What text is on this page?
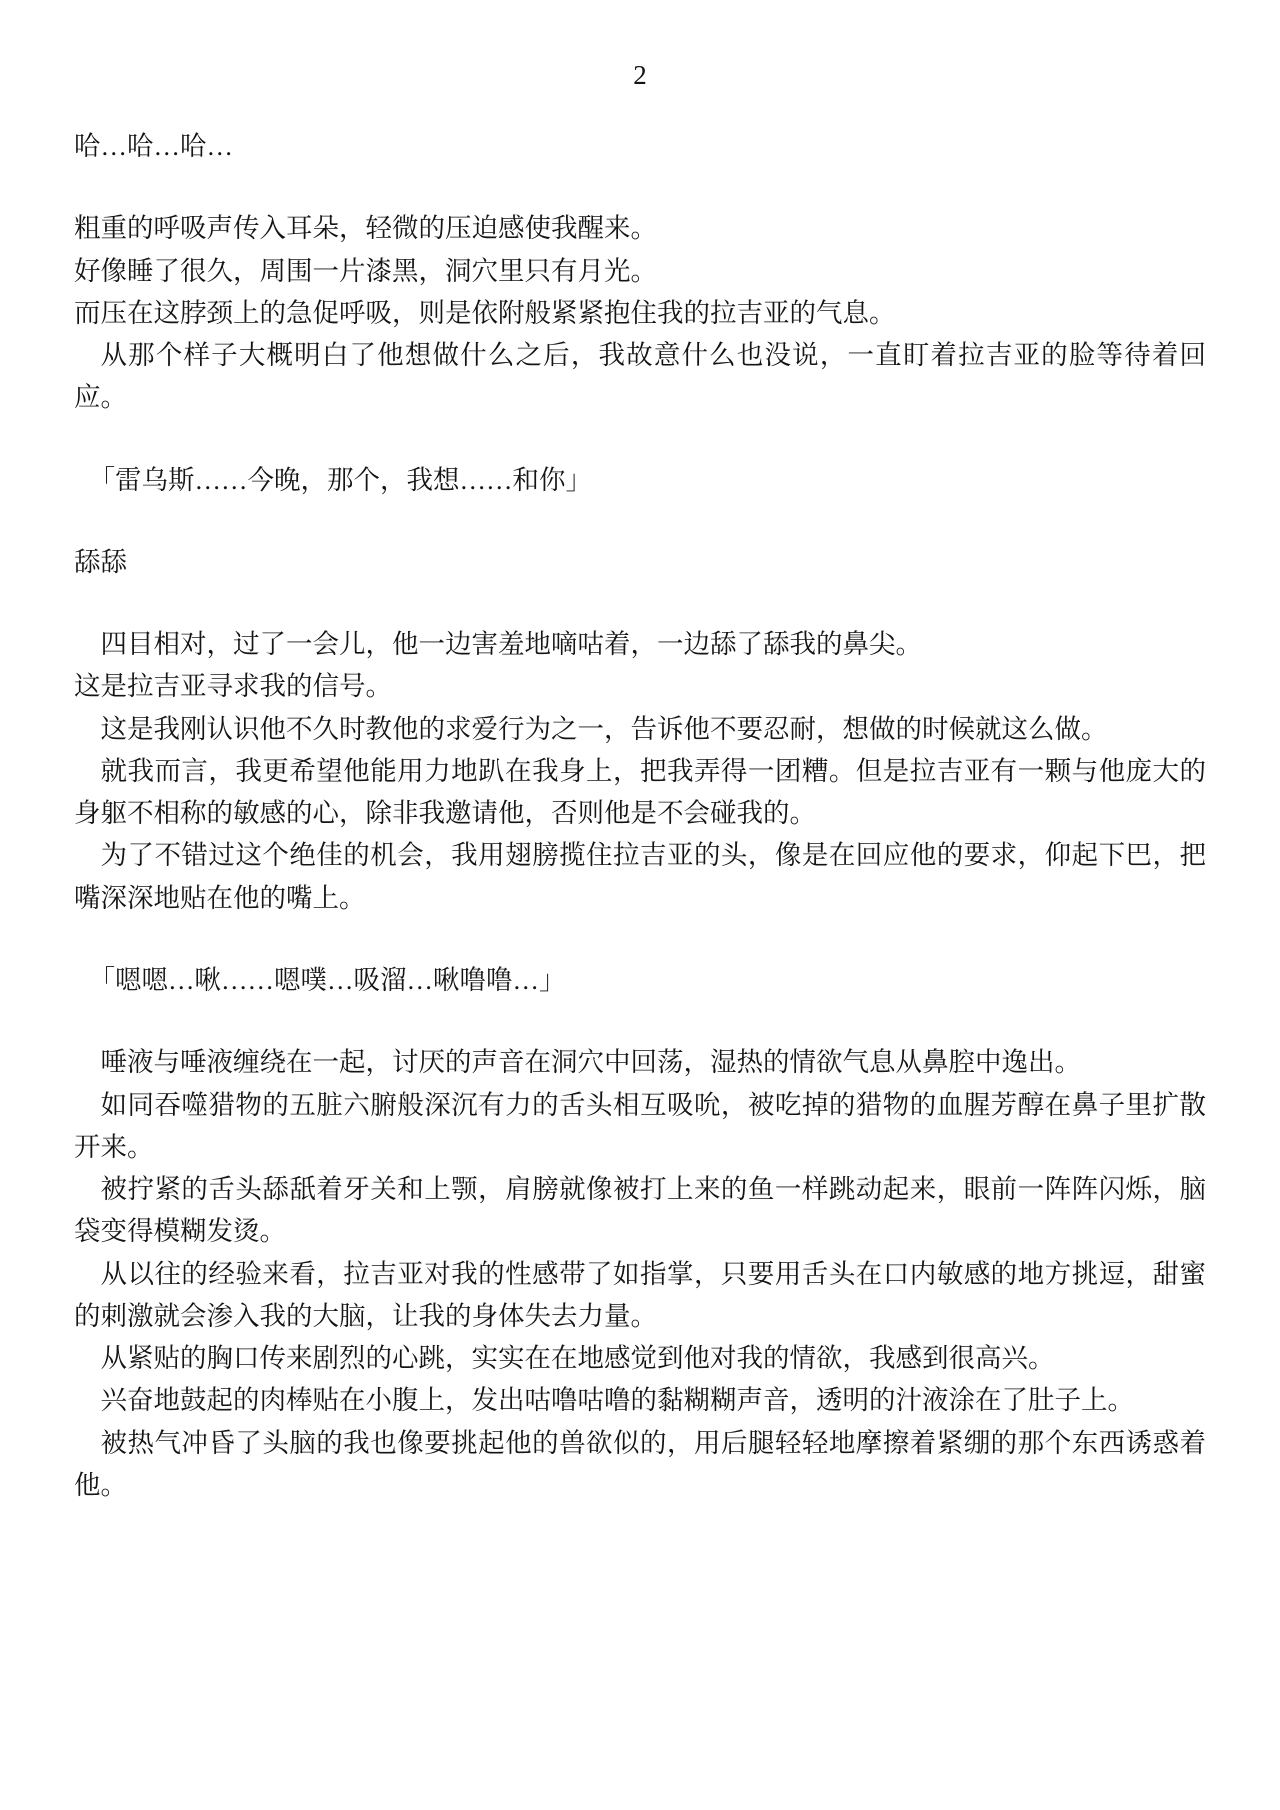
2

哈…哈…哈…

粗重的呼吸声传入耳朵，轻微的压迫感使我醒来。

好像睡了很久，周围一片漆黑，洞穴里只有月光。

而压在这脖颈上的急促呼吸，则是依附般紧紧抱住我的拉吉亚的气息。

从那个样子大概明白了他想做什么之后，我故意什么也没说，一直盯着拉吉亚的脸等待着回应。

「雷乌斯……今晚，那个，我想……和你」

舔舔

四目相对，过了一会儿，他一边害羞地嘀咕着，一边舔了舔我的鼻尖。

这是拉吉亚寻求我的信号。

这是我刚认识他不久时教他的求爱行为之一，告诉他不要忍耐，想做的时候就这么做。

就我而言，我更希望他能用力地趴在我身上，把我弄得一团糟。但是拉吉亚有一颗与他庞大的身躯不相称的敏感的心，除非我邀请他，否则他是不会碰我的。

为了不错过这个绝佳的机会，我用翅膀揽住拉吉亚的头，像是在回应他的要求，仰起下巴，把嘴深深地贴在他的嘴上。

「嗯嗯…啾……嗯噗…吸溜…啾噜噜…」

唾液与唾液缠绕在一起，讨厌的声音在洞穴中回荡，湿热的情欲气息从鼻腔中逸出。

如同吞噬猎物的五脏六腑般深沉有力的舌头相互吸吮，被吃掉的猎物的血腥芳醇在鼻子里扩散开来。

被拧紧的舌头舔舐着牙关和上颚，肩膀就像被打上来的鱼一样跳动起来，眼前一阵阵闪烁，脑袋变得模糊发烫。

从以往的经验来看，拉吉亚对我的性感带了如指掌，只要用舌头在口内敏感的地方挑逗，甜蜜的刺激就会渗入我的大脑，让我的身体失去力量。

从紧贴的胸口传来剧烈的心跳，实实在在地感觉到他对我的情欲，我感到很高兴。

兴奋地鼓起的肉棒贴在小腹上，发出咕噜咕噜的黏糊糊声音，透明的汁液涂在了肚子上。

被热气冲昏了头脑的我也像要挑起他的兽欲似的，用后腿轻轻地摩擦着紧绷的那个东西诱惑着他。
